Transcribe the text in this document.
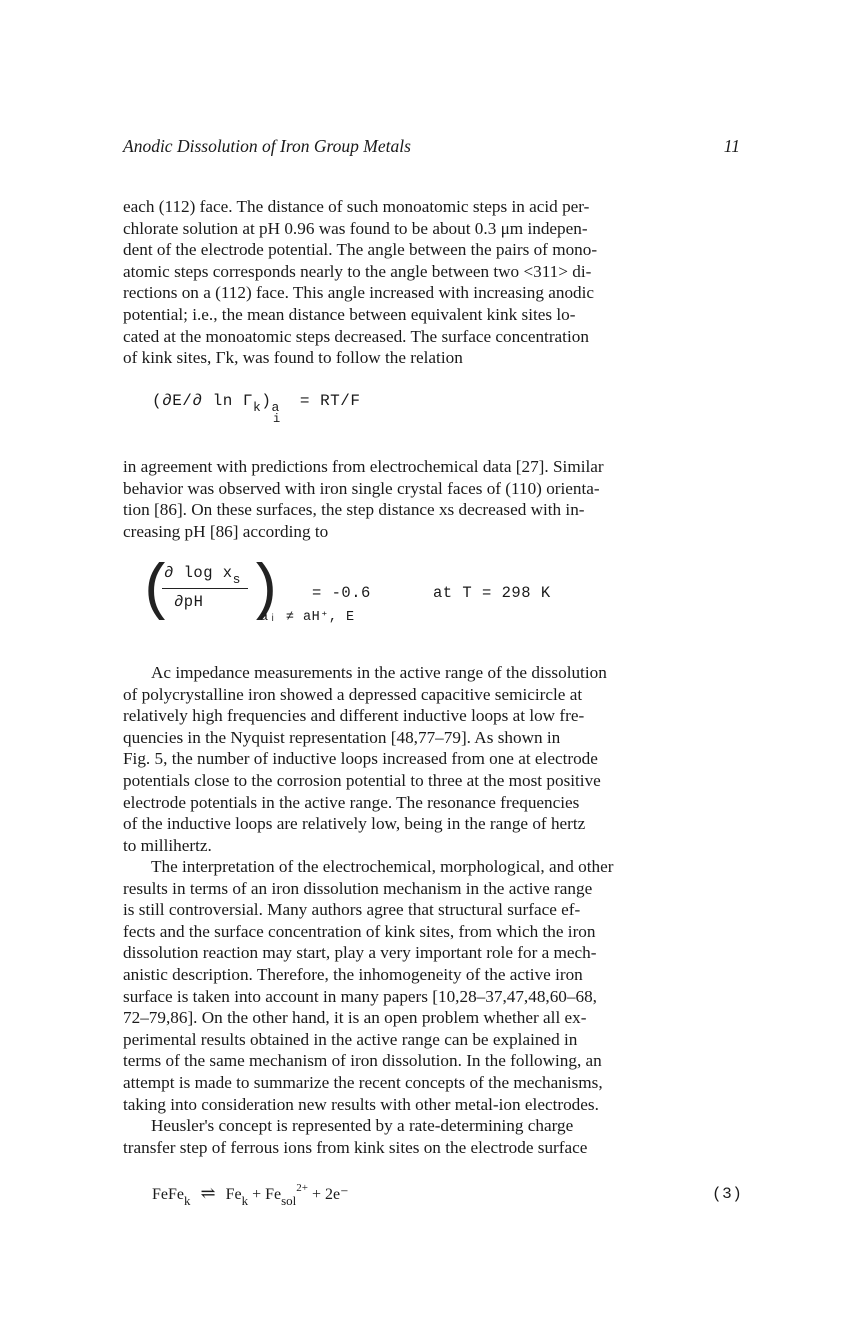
Anodic Dissolution of Iron Group Metals	11
each (112) face. The distance of such monoatomic steps in acid per-
chlorate solution at pH 0.96 was found to be about 0.3 μm indepen-
dent of the electrode potential. The angle between the pairs of mono-
atomic steps corresponds nearly to the angle between two <311> di-
rections on a (112) face. This angle increased with increasing anodic
potential; i.e., the mean distance between equivalent kink sites lo-
cated at the monoatomic steps decreased. The surface concentration
of kink sites, Γk, was found to follow the relation
(∂E/∂ $\ln \Gamma_k)_a$
i
= RT/F
in agreement with predictions from electrochemical data [27]. Similar
behavior was observed with iron single crystal faces of (110) orienta-
tion [86]. On these surfaces, the step distance xs decreased with in-
creasing pH [86] according to
(
∂ $\log x_s$
∂pH )
aᵢ ≠ aH⁺, E
= -0.6	at T = 298 K
Ac impedance measurements in the active range of the dissolution
of polycrystalline iron showed a depressed capacitive semicircle at
relatively high frequencies and different inductive loops at low fre-
quencies in the Nyquist representation [48,77–79]. As shown in
Fig. 5, the number of inductive loops increased from one at electrode
potentials close to the corrosion potential to three at the most positive
electrode potentials in the active range. The resonance frequencies
of the inductive loops are relatively low, being in the range of hertz
to millihertz.
The interpretation of the electrochemical, morphological, and other
results in terms of an iron dissolution mechanism in the active range
is still controversial. Many authors agree that structural surface ef-
fects and the surface concentration of kink sites, from which the iron
dissolution reaction may start, play a very important role for a mech-
anistic description. Therefore, the inhomogeneity of the active iron
surface is taken into account in many papers [10,28–37,47,48,60–68,
72–79,86]. On the other hand, it is an open problem whether all ex-
perimental results obtained in the active range can be explained in
terms of the same mechanism of iron dissolution. In the following, an
attempt is made to summarize the recent concepts of the mechanisms,
taking into consideration new results with other metal-ion electrodes.
Heusler's concept is represented by a rate-determining charge
transfer step of ferrous ions from kink sites on the electrode surface
FeFe$_k$ ⇌ $Fe_k + Fe_{sol}^{2+} + 2e^-$	(3)
